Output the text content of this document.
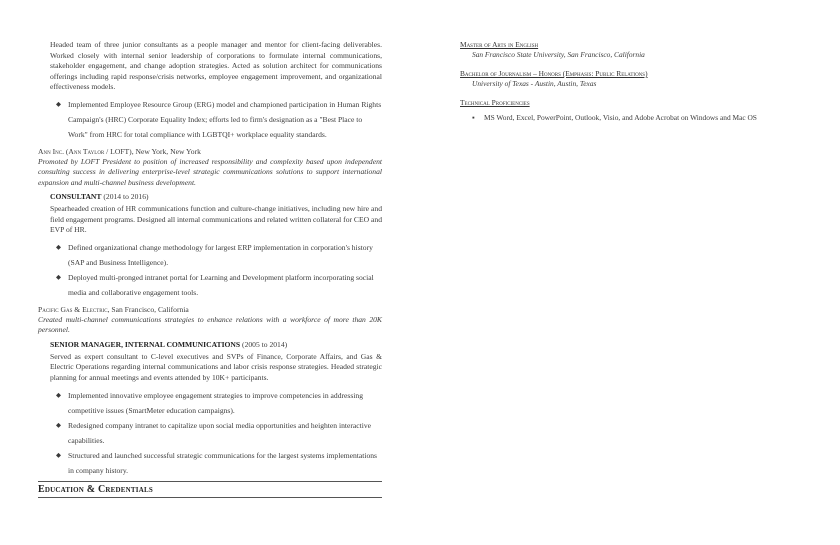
Headed team of three junior consultants as a people manager and mentor for client-facing deliverables. Worked closely with internal senior leadership of corporations to formulate internal communications, stakeholder engagement, and change adoption strategies. Acted as solution architect for communications offerings including rapid response/crisis networks, employee engagement improvement, and organizational effectiveness models.

◆ Implemented Employee Resource Group (ERG) model and championed participation in Human Rights Campaign's (HRC) Corporate Equality Index; efforts led to firm's designation as a "Best Place to Work" from HRC for total compliance with LGBTQI+ workplace equality standards.

Ann Inc. (Ann Taylor / LOFT), New York, New York

Promoted by LOFT President to position of increased responsibility and complexity based upon independent consulting success in delivering enterprise-level strategic communications solutions to support international expansion and multi-channel business development.

CONSULTANT (2014 to 2016)

Spearheaded creation of HR communications function and culture-change initiatives, including new hire and field engagement programs. Designed all internal communications and related written collateral for CEO and EVP of HR.

◆ Defined organizational change methodology for largest ERP implementation in corporation's history (SAP and Business Intelligence).
◆ Deployed multi-pronged intranet portal for Learning and Development platform incorporating social media and collaborative engagement tools.

Pacific Gas & Electric, San Francisco, California

Created multi-channel communications strategies to enhance relations with a workforce of more than 20K personnel.

SENIOR MANAGER, INTERNAL COMMUNICATIONS (2005 to 2014)

Served as expert consultant to C-level executives and SVPs of Finance, Corporate Affairs, and Gas & Electric Operations regarding internal communications and labor crisis response strategies. Headed strategic planning for annual meetings and events attended by 10K+ participants.

◆ Implemented innovative employee engagement strategies to improve competencies in addressing competitive issues (SmartMeter education campaigns).
◆ Redesigned company intranet to capitalize upon social media opportunities and heighten interactive capabilities.
◆ Structured and launched successful strategic communications for the largest systems implementations in company history.
Education & Credentials

Master of Arts in English

San Francisco State University, San Francisco, California

Bachelor of Journalism – Honors (Emphasis: Public Relations)

University of Texas - Austin, Austin, Texas

Technical Proficiencies

▪ MS Word, Excel, PowerPoint, Outlook, Visio, and Adobe Acrobat on Windows and Mac OS
